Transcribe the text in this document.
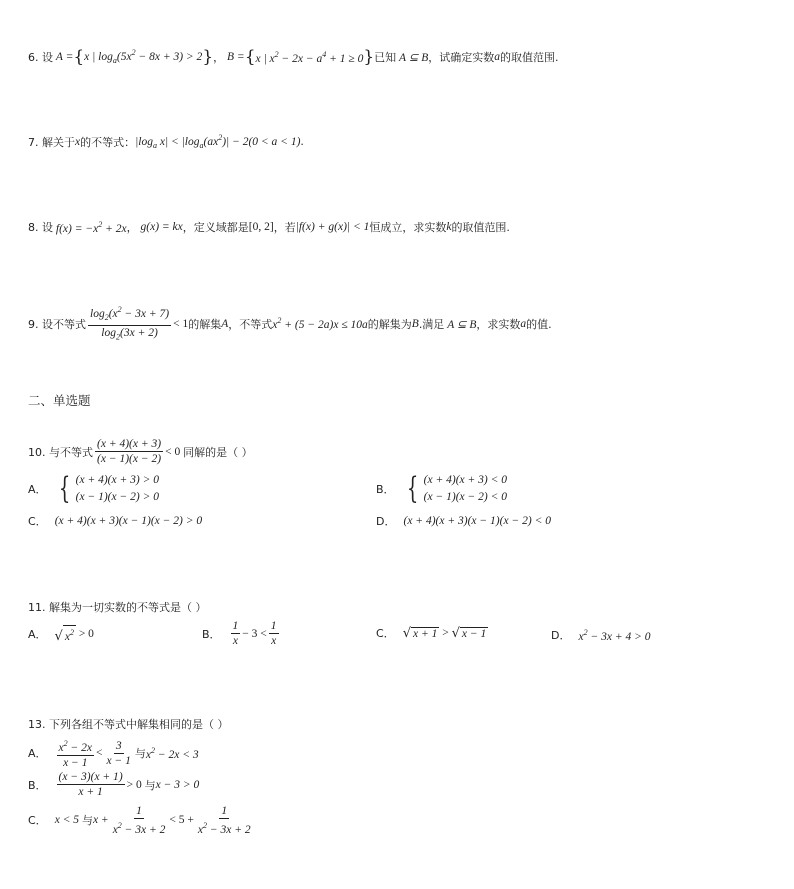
6. 设 A = { x | $\log_a(5x^2 - 8x + 3) > 2$ } ， B = { x | $x^2 - 2x - a^4 + 1 \ge 0$ } 已知 A ⊆ B ，试确定实数 a 的取值范围.
7. 解关于 x 的不等式： $|\log_a$ $x| < |\log_a(ax^2)| - 2(0 < a < 1)$ .
8. 设 $f(x) = -x^2 + 2x$ ， g(x) = kx ，定义域都是 [0, 2] ，若 |f(x) + g(x)| < 1 恒成立，求实数 k 的取值范围.
9. 设不等式 $\frac{\log_2(x^2 - 3x + 7)}{\log_2(3x + 2)} < 1$ 的解集 A ，不等式 $x^2 + (5 - 2a)x \le 10a$ 的解集为 B .满足 A ⊆ B ，求实数 a 的值.
二、单选题
10. 与不等式 $\frac{(x + 4)(x + 3)}{(x - 1)(x - 2)} < 0$ 同解的是（ ）
A． { (x + 4)(x + 3) > 0
(x − 1)(x − 2) > 0
B． { (x + 4)(x + 3) < 0
(x − 1)(x − 2) < 0
C． (x + 4)(x + 3)(x − 1)(x − 2) > 0	D． (x + 4)(x + 3)(x − 1)(x − 2) < 0
11. 解集为一切实数的不等式是（ ）
A． √ $x^2 > 0$	B． $\frac{1}{x} - 3 < \frac{1}{x}$	C． √ x + 1 > √ x − 1	D． $x^2 - 3x + 4 > 0$
13. 下列各组不等式中解集相同的是（ ）
A． $\frac{x^2 - 2x}{x - 1} < \frac{3}{x - 1}$ 与 $x^2 - 2x < 3$
B． $\frac{(x - 3)(x + 1)}{x + 1} > 0$ 与 x − 3 > 0
C． x < 5 与 $x + \frac{1}{x^2 - 3x + 2} < 5 + \frac{1}{x^2 - 3x + 2}$
